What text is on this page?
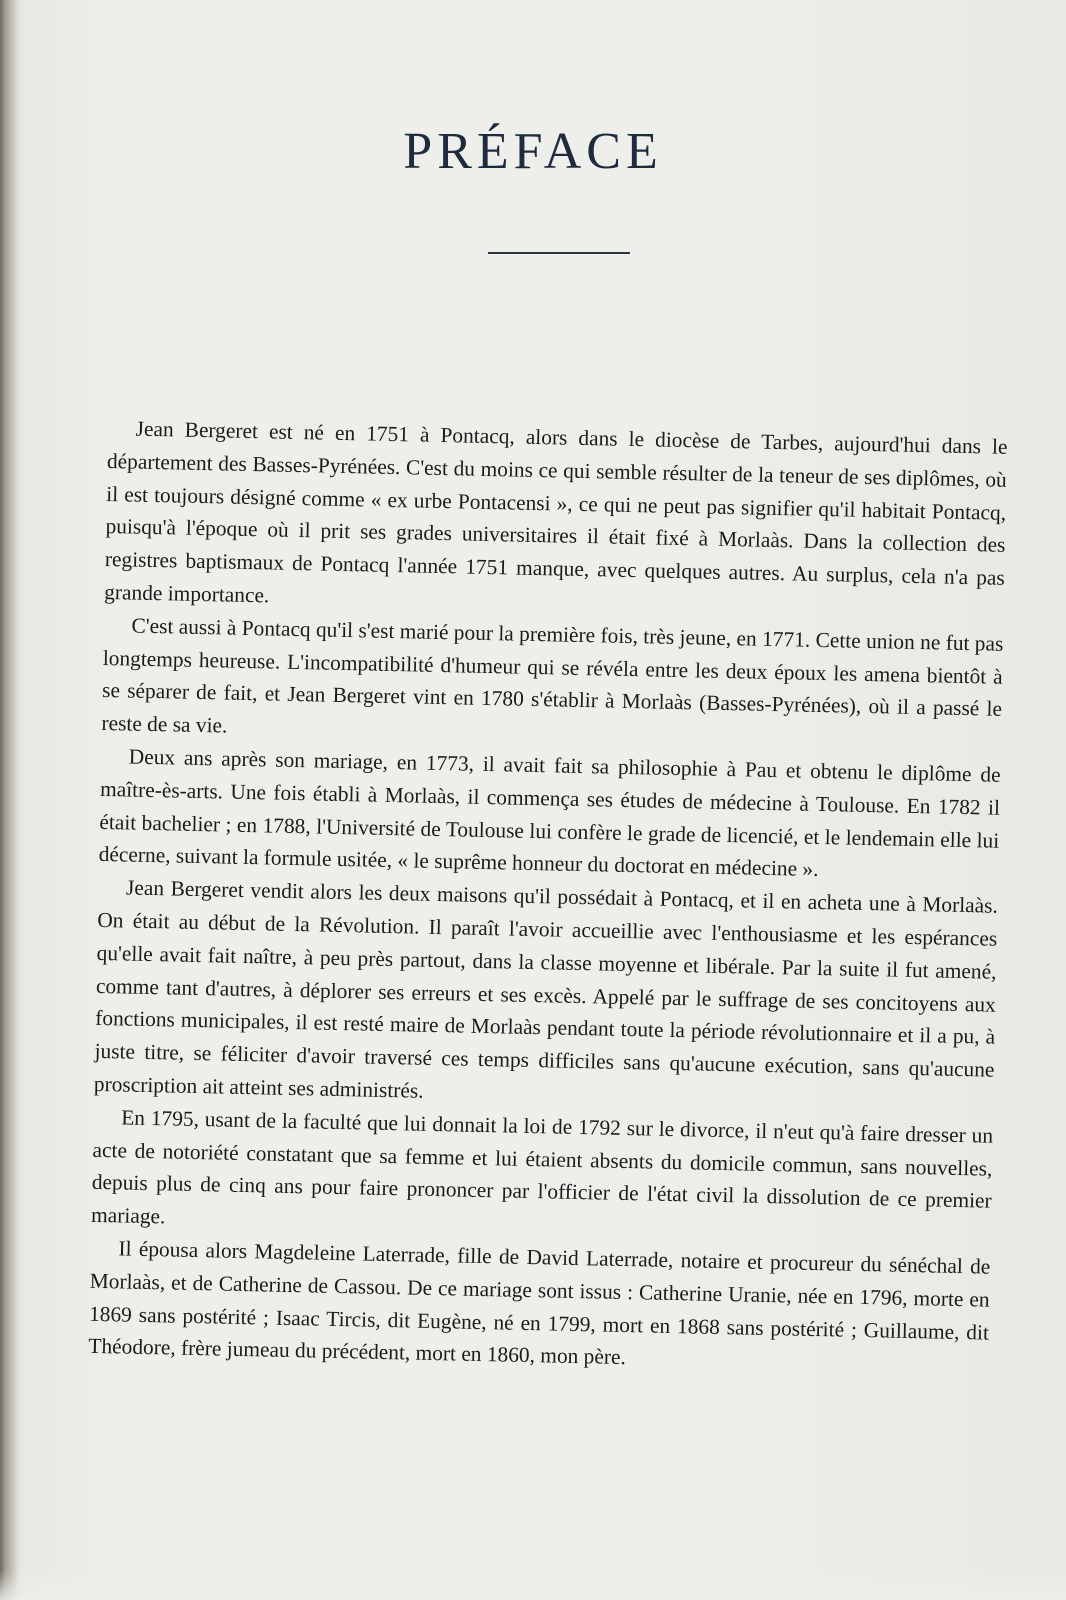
PRÉFACE

Jean Bergeret est né en 1751 à Pontacq, alors dans le diocèse de Tarbes, aujourd'hui dans le département des Basses-Pyrénées. C'est du moins ce qui semble résulter de la teneur de ses diplômes, où il est toujours désigné comme « ex urbe Pontacensi », ce qui ne peut pas signifier qu'il habitait Pontacq, puisqu'à l'époque où il prit ses grades universitaires il était fixé à Morlaàs. Dans la collection des registres baptismaux de Pontacq l'année 1751 manque, avec quelques autres. Au surplus, cela n'a pas grande importance.

C'est aussi à Pontacq qu'il s'est marié pour la première fois, très jeune, en 1771. Cette union ne fut pas longtemps heureuse. L'incompatibilité d'humeur qui se révéla entre les deux époux les amena bientôt à se séparer de fait, et Jean Bergeret vint en 1780 s'établir à Morlaàs (Basses-Pyrénées), où il a passé le reste de sa vie.

Deux ans après son mariage, en 1773, il avait fait sa philosophie à Pau et obtenu le diplôme de maître-ès-arts. Une fois établi à Morlaàs, il commença ses études de médecine à Toulouse. En 1782 il était bachelier ; en 1788, l'Université de Toulouse lui confère le grade de licencié, et le lendemain elle lui décerne, suivant la formule usitée, « le suprême honneur du doctorat en médecine ».

Jean Bergeret vendit alors les deux maisons qu'il possédait à Pontacq, et il en acheta une à Morlaàs. On était au début de la Révolution. Il paraît l'avoir accueillie avec l'enthousiasme et les espérances qu'elle avait fait naître, à peu près partout, dans la classe moyenne et libérale. Par la suite il fut amené, comme tant d'autres, à déplorer ses erreurs et ses excès. Appelé par le suffrage de ses concitoyens aux fonctions municipales, il est resté maire de Morlaàs pendant toute la période révolutionnaire et il a pu, à juste titre, se féliciter d'avoir traversé ces temps difficiles sans qu'aucune exécution, sans qu'aucune proscription ait atteint ses administrés.

En 1795, usant de la faculté que lui donnait la loi de 1792 sur le divorce, il n'eut qu'à faire dresser un acte de notoriété constatant que sa femme et lui étaient absents du domicile commun, sans nouvelles, depuis plus de cinq ans pour faire prononcer par l'officier de l'état civil la dissolution de ce premier mariage.

Il épousa alors Magdeleine Laterrade, fille de David Laterrade, notaire et procureur du sénéchal de Morlaàs, et de Catherine de Cassou. De ce mariage sont issus : Catherine Uranie, née en 1796, morte en 1869 sans postérité ; Isaac Tircis, dit Eugène, né en 1799, mort en 1868 sans postérité ; Guillaume, dit Théodore, frère jumeau du précédent, mort en 1860, mon père.
